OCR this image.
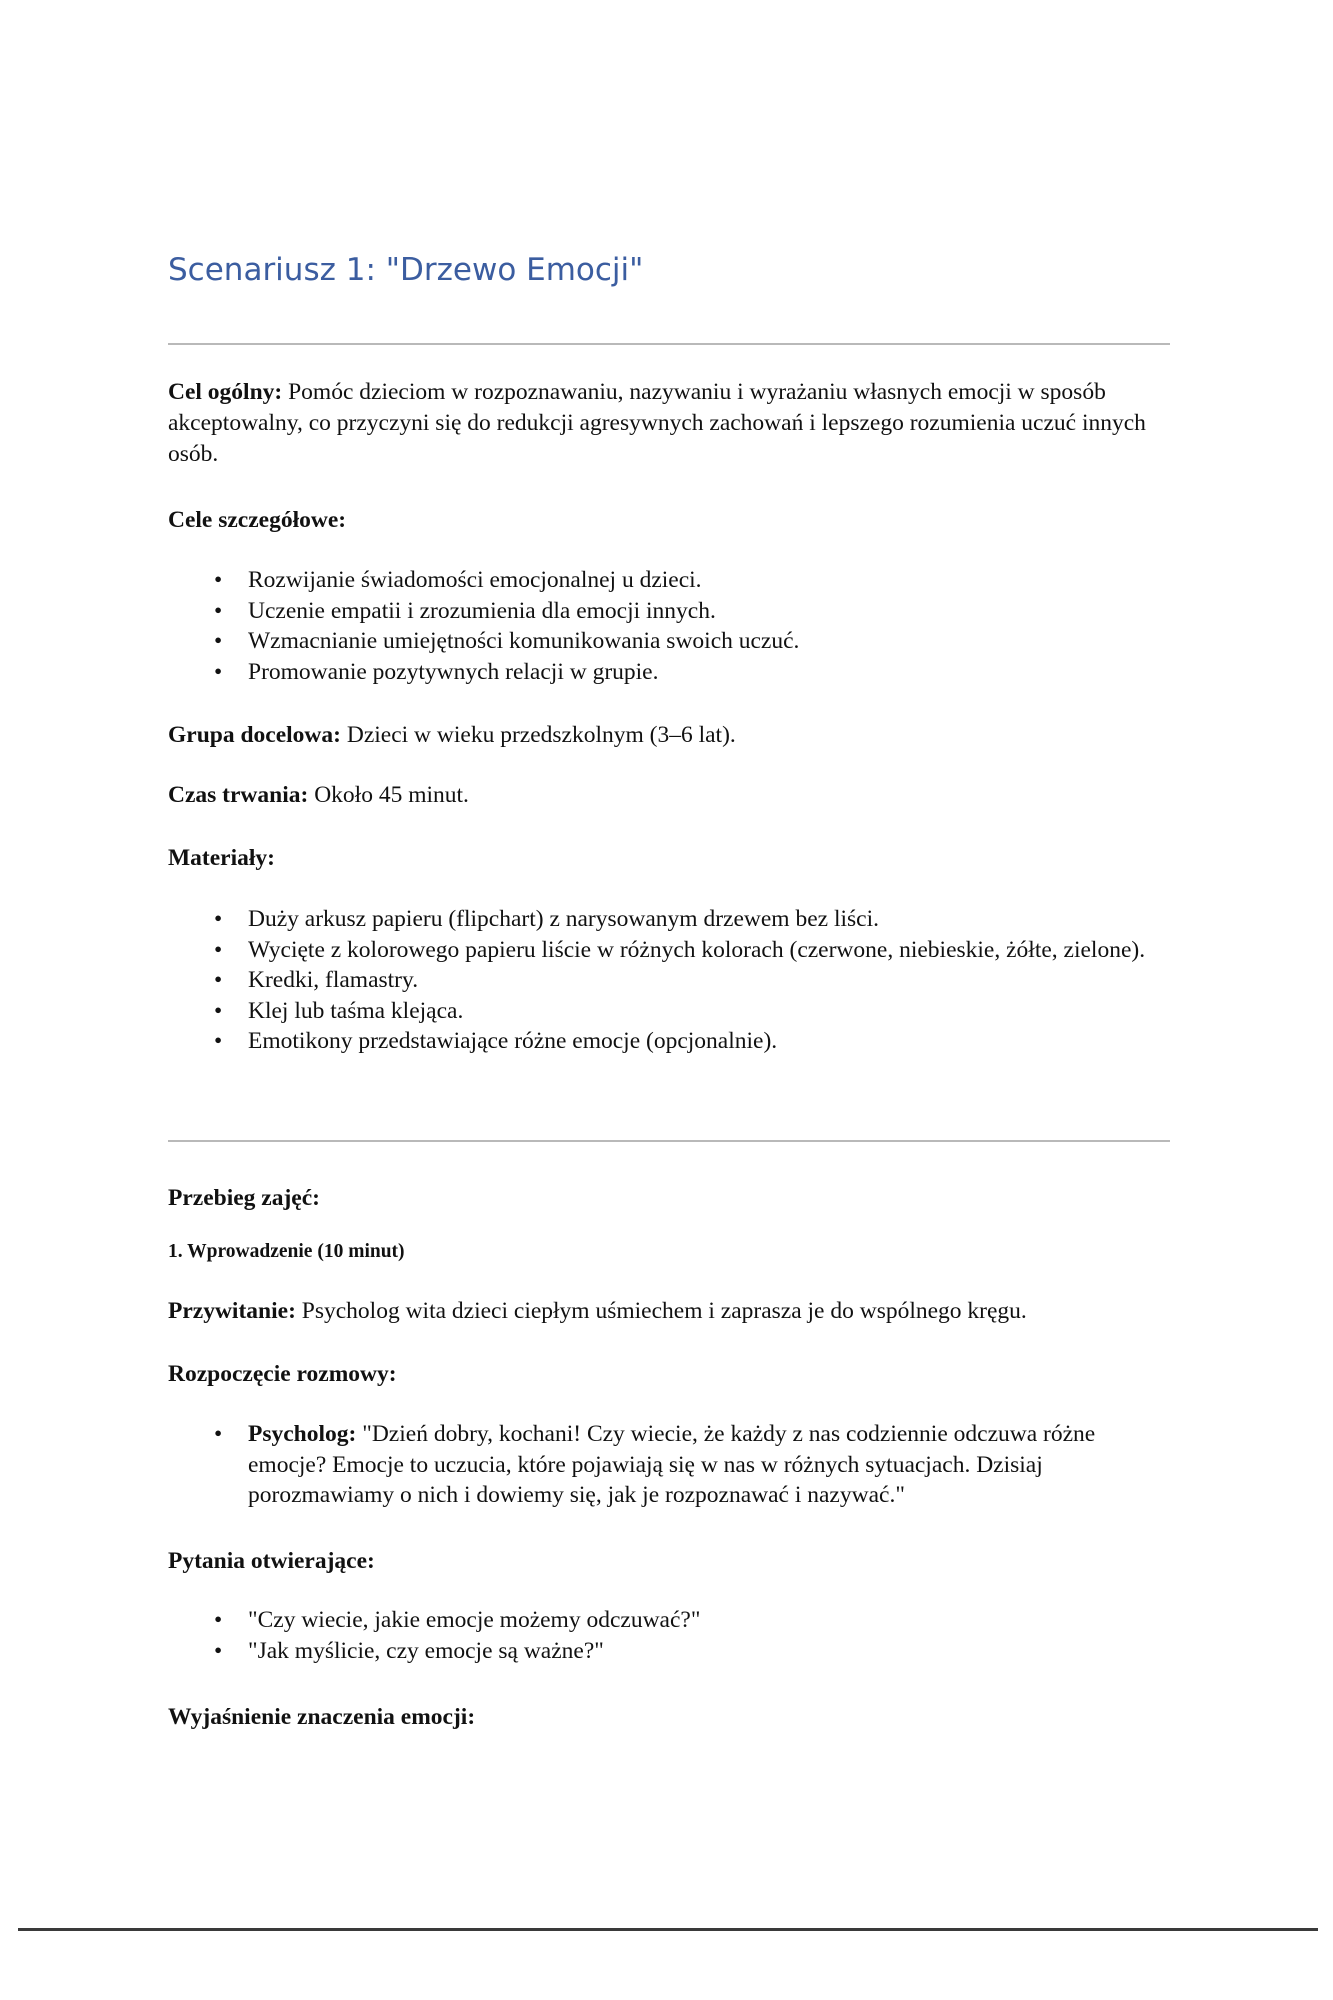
Scenariusz 1: "Drzewo Emocji"

Cel ogólny: Pomóc dzieciom w rozpoznawaniu, nazywaniu i wyrażaniu własnych emocji w sposób akceptowalny, co przyczyni się do redukcji agresywnych zachowań i lepszego rozumienia uczuć innych osób.

Cele szczegółowe:

• Rozwijanie świadomości emocjonalnej u dzieci.
• Uczenie empatii i zrozumienia dla emocji innych.
• Wzmacnianie umiejętności komunikowania swoich uczuć.
• Promowanie pozytywnych relacji w grupie.

Grupa docelowa: Dzieci w wieku przedszkolnym (3–6 lat).

Czas trwania: Około 45 minut.

Materiały:

• Duży arkusz papieru (flipchart) z narysowanym drzewem bez liści.
• Wycięte z kolorowego papieru liście w różnych kolorach (czerwone, niebieskie, żółte, zielone).
• Kredki, flamastry.
• Klej lub taśma klejąca.
• Emotikony przedstawiające różne emocje (opcjonalnie).

Przebieg zajęć:

1. Wprowadzenie (10 minut)

Przywitanie: Psycholog wita dzieci ciepłym uśmiechem i zaprasza je do wspólnego kręgu.

Rozpoczęcie rozmowy:

• Psycholog: "Dzień dobry, kochani! Czy wiecie, że każdy z nas codziennie odczuwa różne emocje? Emocje to uczucia, które pojawiają się w nas w różnych sytuacjach. Dzisiaj porozmawiamy o nich i dowiemy się, jak je rozpoznawać i nazywać."

Pytania otwierające:

• "Czy wiecie, jakie emocje możemy odczuwać?"
• "Jak myślicie, czy emocje są ważne?"

Wyjaśnienie znaczenia emocji:
